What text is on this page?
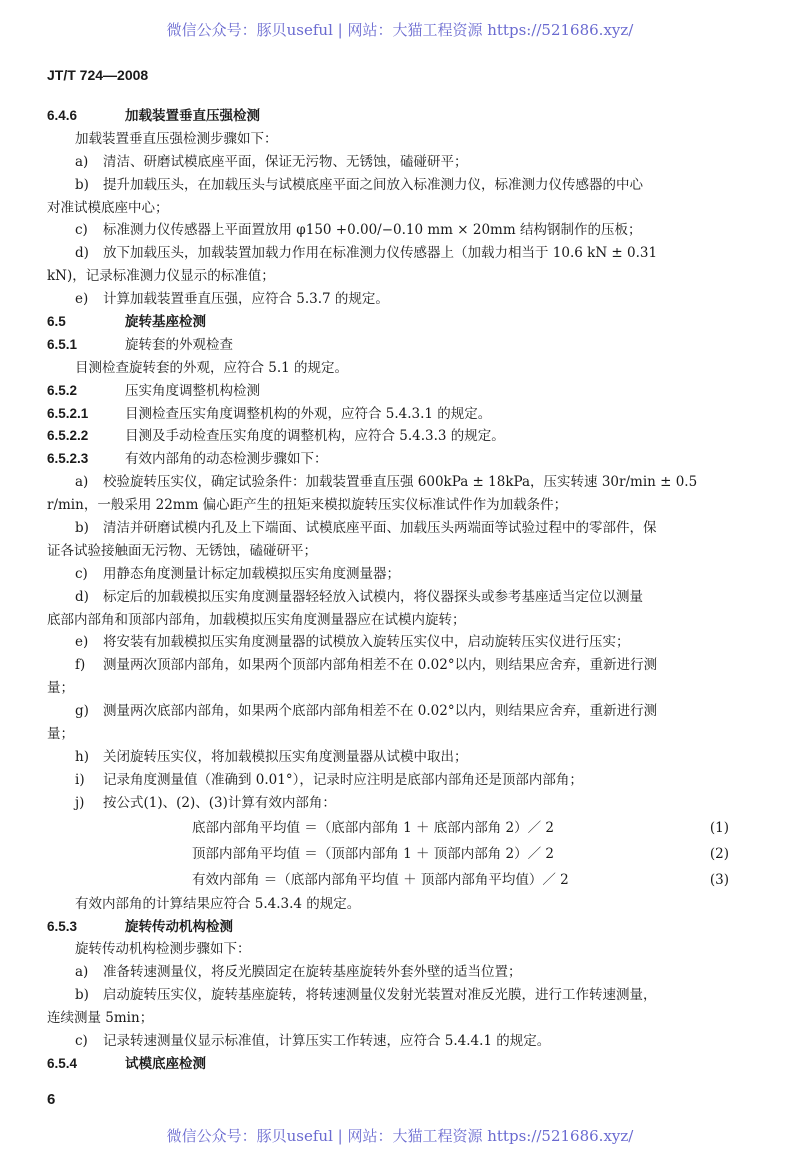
微信公众号：豚贝useful | 网站：大猫工程资源 https://521686.xyz/
JT/T 724—2008
6.4.6	加载装置垂直压强检测
加载装置垂直压强检测步骤如下：
a) 清洁、研磨试模底座平面，保证无污物、无锈蚀，磕碰研平；
b) 提升加载压头，在加载压头与试模底座平面之间放入标准测力仪，标准测力仪传感器的中心
对准试模底座中心；
c) 标准测力仪传感器上平面置放用 φ150 +0.00/−0.10 mm × 20mm 结构钢制作的压板；
d) 放下加载压头，加载装置加载力作用在标准测力仪传感器上（加载力相当于 10.6 kN ± 0.31
kN)，记录标准测力仪显示的标准值；
e) 计算加载装置垂直压强，应符合 5.3.7 的规定。
6.5	旋转基座检测
6.5.1	旋转套的外观检查
目测检查旋转套的外观，应符合 5.1 的规定。
6.5.2	压实角度调整机构检测
6.5.2.1	目测检查压实角度调整机构的外观，应符合 5.4.3.1 的规定。
6.5.2.2	目测及手动检查压实角度的调整机构，应符合 5.4.3.3 的规定。
6.5.2.3	有效内部角的动态检测步骤如下：
a) 校验旋转压实仪，确定试验条件：加载装置垂直压强 600kPa ± 18kPa，压实转速 30r/min ± 0.5
r/min，一般采用 22mm 偏心距产生的扭矩来模拟旋转压实仪标准试件作为加载条件；
b) 清洁并研磨试模内孔及上下端面、试模底座平面、加载压头两端面等试验过程中的零部件，保
证各试验接触面无污物、无锈蚀，磕碰研平；
c) 用静态角度测量计标定加载模拟压实角度测量器；
d) 标定后的加载模拟压实角度测量器轻轻放入试模内，将仪器探头或参考基座适当定位以测量
底部内部角和顶部内部角，加载模拟压实角度测量器应在试模内旋转；
e) 将安装有加载模拟压实角度测量器的试模放入旋转压实仪中，启动旋转压实仪进行压实；
f) 测量两次顶部内部角，如果两个顶部内部角相差不在 0.02°以内，则结果应舍弃，重新进行测
量；
g) 测量两次底部内部角，如果两个底部内部角相差不在 0.02°以内，则结果应舍弃，重新进行测
量；
h) 关闭旋转压实仪，将加载模拟压实角度测量器从试模中取出；
i) 记录角度测量值（准确到 0.01°），记录时应注明是底部内部角还是顶部内部角；
j) 按公式(1)、(2)、(3)计算有效内部角：
底部内部角平均值 ＝（底部内部角 1 ＋ 底部内部角 2）／ 2	(1)
顶部内部角平均值 ＝（顶部内部角 1 ＋ 顶部内部角 2）／ 2	(2)
有效内部角 ＝（底部内部角平均值 ＋ 顶部内部角平均值）／ 2	(3)
有效内部角的计算结果应符合 5.4.3.4 的规定。
6.5.3	旋转传动机构检测
旋转传动机构检测步骤如下：
a) 准备转速测量仪，将反光膜固定在旋转基座旋转外套外壁的适当位置；
b) 启动旋转压实仪，旋转基座旋转，将转速测量仪发射光装置对准反光膜，进行工作转速测量，
连续测量 5min；
c) 记录转速测量仪显示标准值，计算压实工作转速，应符合 5.4.4.1 的规定。
6.5.4	试模底座检测
6
微信公众号：豚贝useful | 网站：大猫工程资源 https://521686.xyz/
